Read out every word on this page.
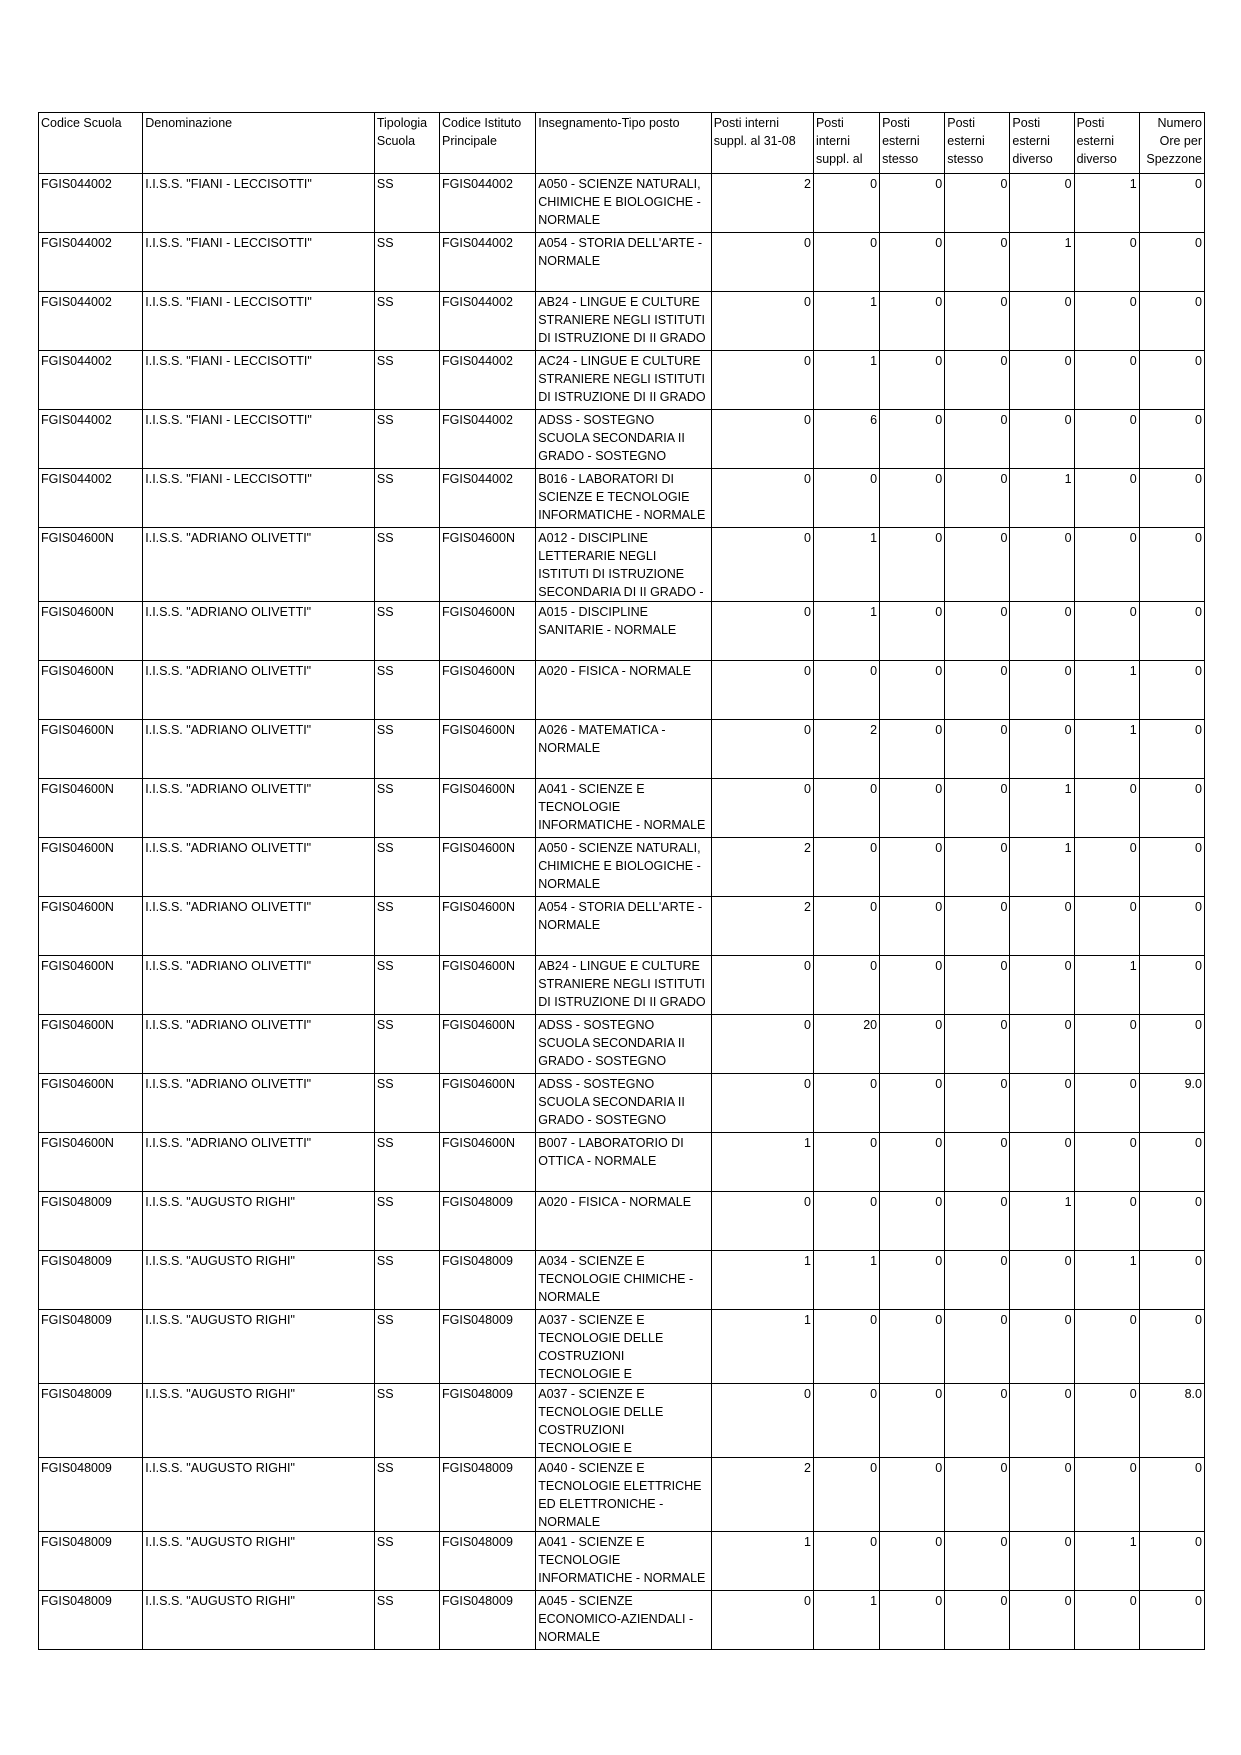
Codice Scuola	Denominazione	Tipologia Scuola	Codice Istituto Principale	Insegnamento-Tipo posto	Posti interni suppl. al 31-08	Posti interni suppl. al	Posti esterni stesso	Posti esterni stesso	Posti esterni diverso	Posti esterni diverso	Numero Ore per Spezzone
FGIS044002	I.I.S.S. "FIANI - LECCISOTTI"	SS	FGIS044002	A050 - SCIENZE NATURALI, CHIMICHE E BIOLOGICHE - NORMALE	2	0	0	0	0	1	0
FGIS044002	I.I.S.S. "FIANI - LECCISOTTI"	SS	FGIS044002	A054 - STORIA DELL'ARTE - NORMALE	0	0	0	0	1	0	0
FGIS044002	I.I.S.S. "FIANI - LECCISOTTI"	SS	FGIS044002	AB24 - LINGUE E CULTURE STRANIERE NEGLI ISTITUTI DI ISTRUZIONE DI II GRADO	0	1	0	0	0	0	0
FGIS044002	I.I.S.S. "FIANI - LECCISOTTI"	SS	FGIS044002	AC24 - LINGUE E CULTURE STRANIERE NEGLI ISTITUTI DI ISTRUZIONE DI II GRADO	0	1	0	0	0	0	0
FGIS044002	I.I.S.S. "FIANI - LECCISOTTI"	SS	FGIS044002	ADSS - SOSTEGNO SCUOLA SECONDARIA II GRADO - SOSTEGNO	0	6	0	0	0	0	0
FGIS044002	I.I.S.S. "FIANI - LECCISOTTI"	SS	FGIS044002	B016 - LABORATORI DI SCIENZE E TECNOLOGIE INFORMATICHE - NORMALE	0	0	0	0	1	0	0
FGIS04600N	I.I.S.S. "ADRIANO OLIVETTI"	SS	FGIS04600N	A012 - DISCIPLINE LETTERARIE NEGLI ISTITUTI DI ISTRUZIONE SECONDARIA DI II GRADO -	0	1	0	0	0	0	0
FGIS04600N	I.I.S.S. "ADRIANO OLIVETTI"	SS	FGIS04600N	A015 - DISCIPLINE SANITARIE - NORMALE	0	1	0	0	0	0	0
FGIS04600N	I.I.S.S. "ADRIANO OLIVETTI"	SS	FGIS04600N	A020 - FISICA - NORMALE	0	0	0	0	0	1	0
FGIS04600N	I.I.S.S. "ADRIANO OLIVETTI"	SS	FGIS04600N	A026 - MATEMATICA - NORMALE	0	2	0	0	0	1	0
FGIS04600N	I.I.S.S. "ADRIANO OLIVETTI"	SS	FGIS04600N	A041 - SCIENZE E TECNOLOGIE INFORMATICHE - NORMALE	0	0	0	0	1	0	0
FGIS04600N	I.I.S.S. "ADRIANO OLIVETTI"	SS	FGIS04600N	A050 - SCIENZE NATURALI, CHIMICHE E BIOLOGICHE - NORMALE	2	0	0	0	1	0	0
FGIS04600N	I.I.S.S. "ADRIANO OLIVETTI"	SS	FGIS04600N	A054 - STORIA DELL'ARTE - NORMALE	2	0	0	0	0	0	0
FGIS04600N	I.I.S.S. "ADRIANO OLIVETTI"	SS	FGIS04600N	AB24 - LINGUE E CULTURE STRANIERE NEGLI ISTITUTI DI ISTRUZIONE DI II GRADO	0	0	0	0	0	1	0
FGIS04600N	I.I.S.S. "ADRIANO OLIVETTI"	SS	FGIS04600N	ADSS - SOSTEGNO SCUOLA SECONDARIA II GRADO - SOSTEGNO	0	20	0	0	0	0	0
FGIS04600N	I.I.S.S. "ADRIANO OLIVETTI"	SS	FGIS04600N	ADSS - SOSTEGNO SCUOLA SECONDARIA II GRADO - SOSTEGNO	0	0	0	0	0	0	9.0
FGIS04600N	I.I.S.S. "ADRIANO OLIVETTI"	SS	FGIS04600N	B007 - LABORATORIO DI OTTICA - NORMALE	1	0	0	0	0	0	0
FGIS048009	I.I.S.S. "AUGUSTO RIGHI"	SS	FGIS048009	A020 - FISICA - NORMALE	0	0	0	0	1	0	0
FGIS048009	I.I.S.S. "AUGUSTO RIGHI"	SS	FGIS048009	A034 - SCIENZE E TECNOLOGIE CHIMICHE - NORMALE	1	1	0	0	0	1	0
FGIS048009	I.I.S.S. "AUGUSTO RIGHI"	SS	FGIS048009	A037 - SCIENZE E TECNOLOGIE DELLE COSTRUZIONI TECNOLOGIE E	1	0	0	0	0	0	0
FGIS048009	I.I.S.S. "AUGUSTO RIGHI"	SS	FGIS048009	A037 - SCIENZE E TECNOLOGIE DELLE COSTRUZIONI TECNOLOGIE E	0	0	0	0	0	0	8.0
FGIS048009	I.I.S.S. "AUGUSTO RIGHI"	SS	FGIS048009	A040 - SCIENZE E TECNOLOGIE ELETTRICHE ED ELETTRONICHE - NORMALE	2	0	0	0	0	0	0
FGIS048009	I.I.S.S. "AUGUSTO RIGHI"	SS	FGIS048009	A041 - SCIENZE E TECNOLOGIE INFORMATICHE - NORMALE	1	0	0	0	0	1	0
FGIS048009	I.I.S.S. "AUGUSTO RIGHI"	SS	FGIS048009	A045 - SCIENZE ECONOMICO-AZIENDALI - NORMALE	0	1	0	0	0	0	0
